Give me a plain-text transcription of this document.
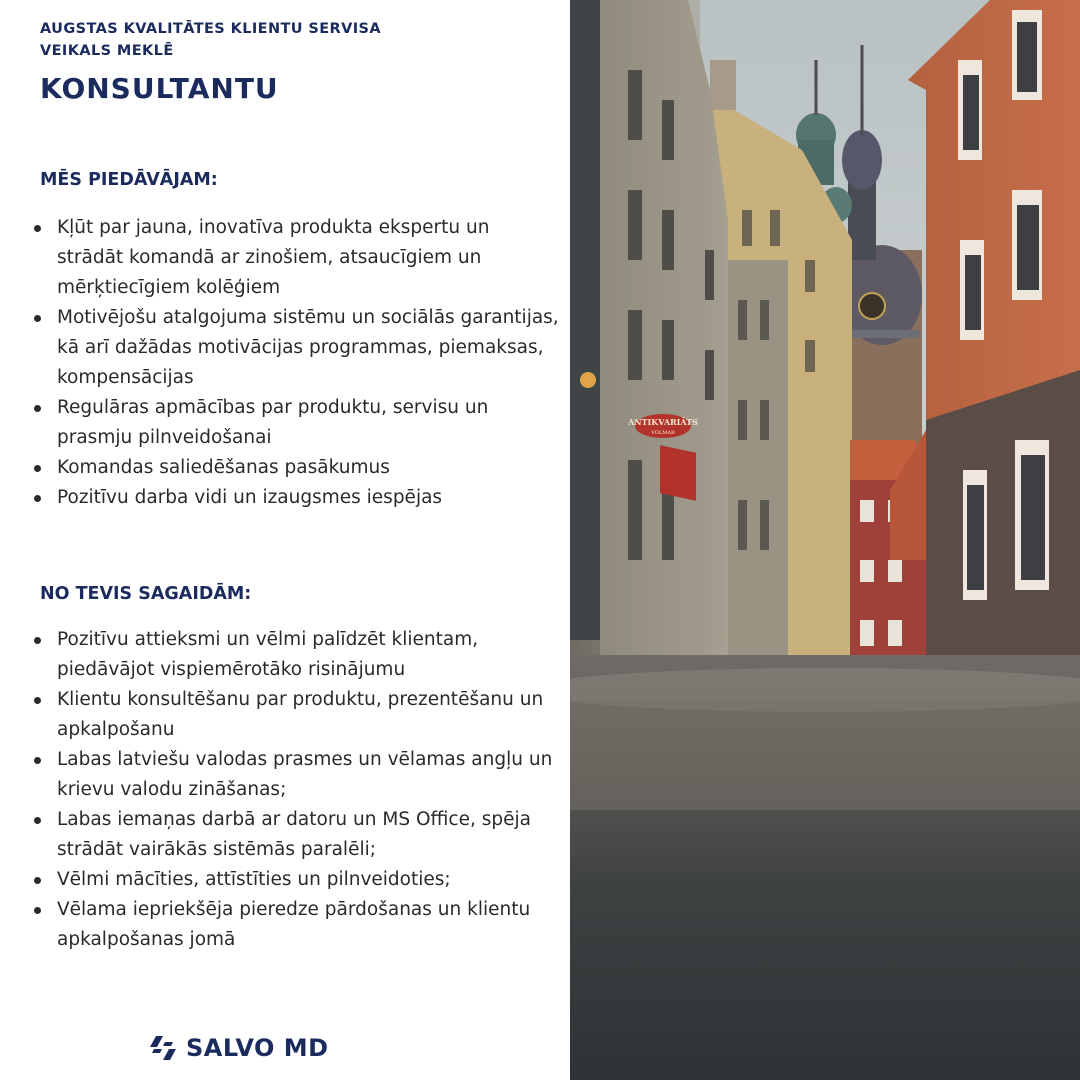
AUGSTAS KVALITĀTES KLIENTU SERVISA
VEIKALS MEKLĒ
KONSULTANTU
MĒS PIEDĀVĀJAM:
Kļūt par jauna, inovatīva produkta ekspertu un strādāt komandā ar zinošiem, atsaucīgiem un mērķtiecīgiem kolēģiem
Motivējošu atalgojuma sistēmu un sociālās garantijas, kā arī dažādas motivācijas programmas, piemaksas, kompensācijas
Regulāras apmācības par produktu, servisu un prasmju pilnveidošanai
Komandas saliedēšanas pasākumus
Pozitīvu darba vidi un izaugsmes iespējas
NO TEVIS SAGAIDĀM:
Pozitīvu attieksmi un vēlmi palīdzēt klientam, piedāvājot vispiemērotāko risinājumu
Klientu konsultēšanu par produktu, prezentēšanu un apkalpošanu
Labas latviešu valodas prasmes un vēlamas angļu un krievu valodu zināšanas;
Labas iemaņas darbā ar datoru un MS Office, spēja strādāt vairākās sistēmās paralēli;
Vēlmi mācīties, attīstīties un pilnveidoties;
Vēlama iepriekšēja pieredze pārdošanas un klientu apkalpošanas jomā
SALVO MD
ANTIKVARIĀTS
VOLMAR
